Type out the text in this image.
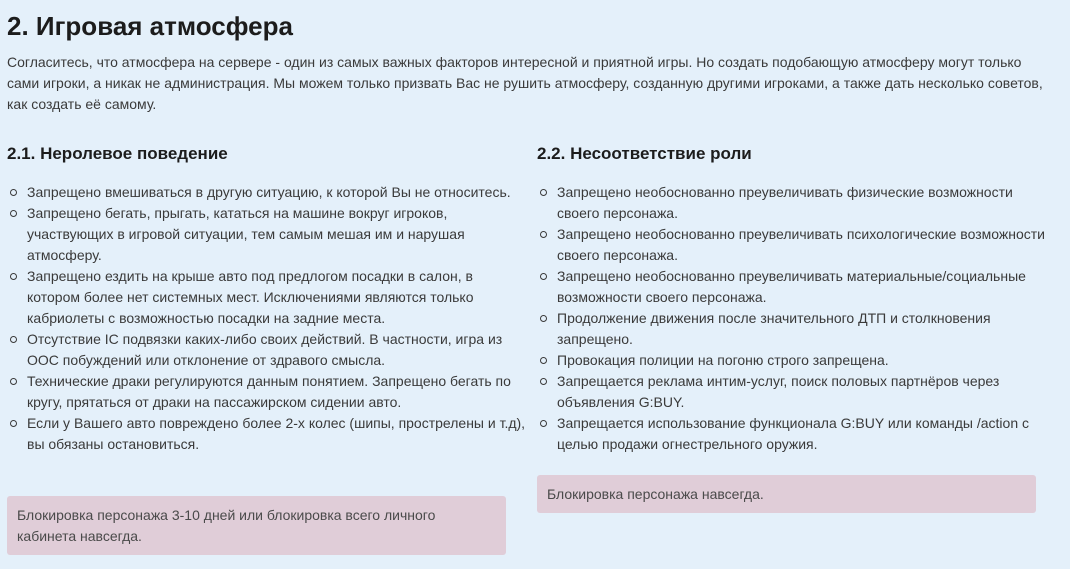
2. Игровая атмосфера

Согласитесь, что атмосфера на сервере - один из самых важных факторов интересной и приятной игры. Но создать подобающую атмосферу могут только сами игроки, а никак не администрация. Мы можем только призвать Вас не рушить атмосферу, созданную другими игроками, а также дать несколько советов, как создать её самому.

2.1. Неролевое поведение
Запрещено вмешиваться в другую ситуацию, к которой Вы не относитесь.
Запрещено бегать, прыгать, кататься на машине вокруг игроков, участвующих в игровой ситуации, тем самым мешая им и нарушая атмосферу.
Запрещено ездить на крыше авто под предлогом посадки в салон, в котором более нет системных мест. Исключениями являются только кабриолеты с возможностью посадки на задние места.
Отсутствие IC подвязки каких-либо своих действий. В частности, игра из ООС побуждений или отклонение от здравого смысла.
Технические драки регулируются данным понятием. Запрещено бегать по кругу, прятаться от драки на пассажирском сидении авто.
Если у Вашего авто повреждено более 2-х колес (шипы, прострелены и т.д), вы обязаны остановиться.
2.2. Несоответствие роли
Запрещено необоснованно преувеличивать физические возможности своего персонажа.
Запрещено необоснованно преувеличивать психологические возможности своего персонажа.
Запрещено необоснованно преувеличивать материальные/социальные возможности своего персонажа.
Продолжение движения после значительного ДТП и столкновения запрещено.
Провокация полиции на погоню строго запрещена.
Запрещается реклама интим-услуг, поиск половых партнёров через объявления G:BUY.
Запрещается использование функционала G:BUY или команды /action с целью продажи огнестрельного оружия.
Блокировка персонажа 3-10 дней или блокировка всего личного кабинета навсегда.
Блокировка персонажа навсегда.
